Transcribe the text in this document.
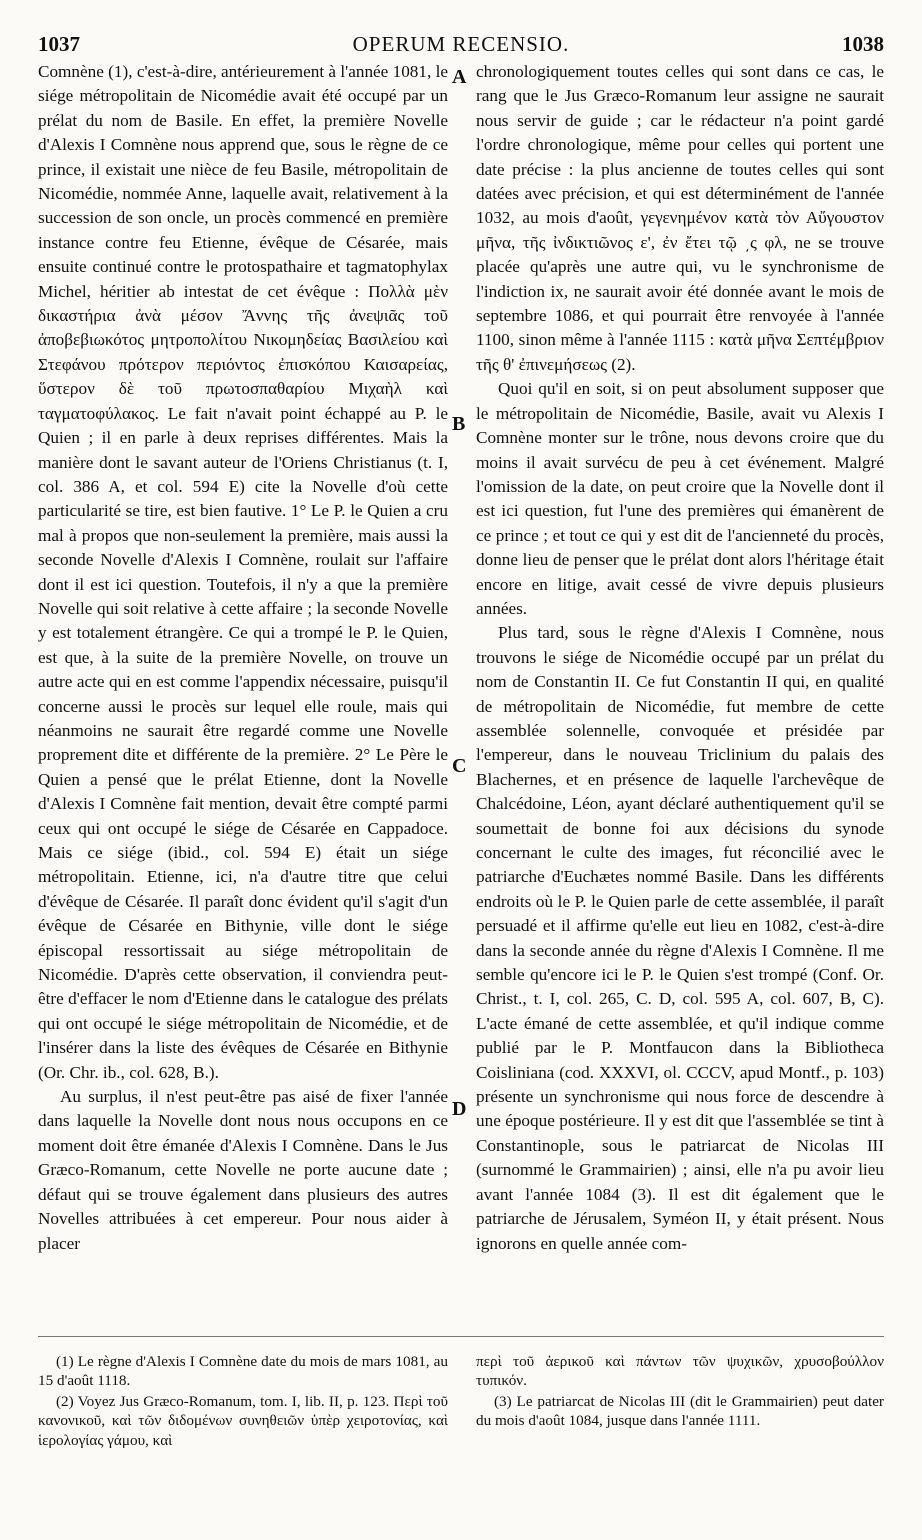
1037	OPERUM RECENSIO.	1038

Comnène (1), c'est-à-dire, antérieurement à l'année 1081, le siége métropolitain de Nicomédie avait été occupé par un prélat du nom de Basile. En effet, la première Novelle d'Alexis I Comnène nous apprend que, sous le règne de ce prince, il existait une nièce de feu Basile, métropolitain de Nicomédie, nommée Anne, laquelle avait, relativement à la succession de son oncle, un procès commencé en première instance contre feu Etienne, évêque de Césarée, mais ensuite continué contre le protospathaire et tagmatophylax Michel, héritier ab intestat de cet évêque : Πολλὰ μὲν δικαστήρια ἀνὰ μέσον Ἄννης τῆς ἀνεψιᾶς τοῦ ἀποβεβιωκότος μητροπολίτου Νικομηδείας Βασιλείου καὶ Στεφάνου πρότερον περιόντος ἐπισκόπου Καισαρείας, ὕστερον δὲ τοῦ πρωτοσπαθαρίου Μιχαὴλ καὶ ταγματοφύλακος. Le fait n'avait point échappé au P. le Quien ; il en parle à deux reprises différentes. Mais la manière dont le savant auteur de l'Oriens Christianus (t. I, col. 386 A, et col. 594 E) cite la Novelle d'où cette particularité se tire, est bien fautive. 1° Le P. le Quien a cru mal à propos que non-seulement la première, mais aussi la seconde Novelle d'Alexis I Comnène, roulait sur l'affaire dont il est ici question. Toutefois, il n'y a que la première Novelle qui soit relative à cette affaire ; la seconde Novelle y est totalement étrangère. Ce qui a trompé le P. le Quien, est que, à la suite de la première Novelle, on trouve un autre acte qui en est comme l'appendix nécessaire, puisqu'il concerne aussi le procès sur lequel elle roule, mais qui néanmoins ne saurait être regardé comme une Novelle proprement dite et différente de la première. 2° Le Père le Quien a pensé que le prélat Etienne, dont la Novelle d'Alexis I Comnène fait mention, devait être compté parmi ceux qui ont occupé le siége de Césarée en Cappadoce. Mais ce siége (ibid., col. 594 E) était un siége métropolitain. Etienne, ici, n'a d'autre titre que celui d'évêque de Césarée. Il paraît donc évident qu'il s'agit d'un évêque de Césarée en Bithynie, ville dont le siége épiscopal ressortissait au siége métropolitain de Nicomédie. D'après cette observation, il conviendra peut-être d'effacer le nom d'Etienne dans le catalogue des prélats qui ont occupé le siége métropolitain de Nicomédie, et de l'insérer dans la liste des évêques de Césarée en Bithynie (Or. Chr. ib., col. 628, B.).

Au surplus, il n'est peut-être pas aisé de fixer l'année dans laquelle la Novelle dont nous nous occupons en ce moment doit être émanée d'Alexis I Comnène. Dans le Jus Græco-Romanum, cette Novelle ne porte aucune date ; défaut qui se trouve également dans plusieurs des autres Novelles attribuées à cet empereur. Pour nous aider à placer

A
B
C
D

chronologiquement toutes celles qui sont dans ce cas, le rang que le Jus Græco-Romanum leur assigne ne saurait nous servir de guide ; car le rédacteur n'a point gardé l'ordre chronologique, même pour celles qui portent une date précise : la plus ancienne de toutes celles qui sont datées avec précision, et qui est déterminément de l'année 1032, au mois d'août, γεγενημένον κατὰ τὸν Αὔγουστον μῆνα, τῆς ἰνδικτιῶνος ε', ἐν ἔτει τῷ ͵ς φλ, ne se trouve placée qu'après une autre qui, vu le synchronisme de l'indiction ix, ne saurait avoir été donnée avant le mois de septembre 1086, et qui pourrait être renvoyée à l'année 1100, sinon même à l'année 1115 : κατὰ μῆνα Σεπτέμβριον τῆς θ' ἐπινεμήσεως (2).

Quoi qu'il en soit, si on peut absolument supposer que le métropolitain de Nicomédie, Basile, avait vu Alexis I Comnène monter sur le trône, nous devons croire que du moins il avait survécu de peu à cet événement. Malgré l'omission de la date, on peut croire que la Novelle dont il est ici question, fut l'une des premières qui émanèrent de ce prince ; et tout ce qui y est dit de l'ancienneté du procès, donne lieu de penser que le prélat dont alors l'héritage était encore en litige, avait cessé de vivre depuis plusieurs années.

Plus tard, sous le règne d'Alexis I Comnène, nous trouvons le siége de Nicomédie occupé par un prélat du nom de Constantin II. Ce fut Constantin II qui, en qualité de métropolitain de Nicomédie, fut membre de cette assemblée solennelle, convoquée et présidée par l'empereur, dans le nouveau Triclinium du palais des Blachernes, et en présence de laquelle l'archevêque de Chalcédoine, Léon, ayant déclaré authentiquement qu'il se soumettait de bonne foi aux décisions du synode concernant le culte des images, fut réconcilié avec le patriarche d'Euchætes nommé Basile. Dans les différents endroits où le P. le Quien parle de cette assemblée, il paraît persuadé et il affirme qu'elle eut lieu en 1082, c'est-à-dire dans la seconde année du règne d'Alexis I Comnène. Il me semble qu'encore ici le P. le Quien s'est trompé (Conf. Or. Christ., t. I, col. 265, C. D, col. 595 A, col. 607, B, C). L'acte émané de cette assemblée, et qu'il indique comme publié par le P. Montfaucon dans la Bibliotheca Coisliniana (cod. XXXVI, ol. CCCV, apud Montf., p. 103) présente un synchronisme qui nous force de descendre à une époque postérieure. Il y est dit que l'assemblée se tint à Constantinople, sous le patriarcat de Nicolas III (surnommé le Grammairien) ; ainsi, elle n'a pu avoir lieu avant l'année 1084 (3). Il est dit également que le patriarche de Jérusalem, Syméon II, y était présent. Nous ignorons en quelle année com-

(1) Le règne d'Alexis I Comnène date du mois de mars 1081, au 15 d'août 1118.

(2) Voyez Jus Græco-Romanum, tom. I, lib. II, p. 123. Περὶ τοῦ κανονικοῦ, καὶ τῶν διδομένων συνηθειῶν ὑπὲρ χειροτονίας, καὶ ἱερολογίας γάμου, καὶ

περὶ τοῦ ἀερικοῦ καὶ πάντων τῶν ψυχικῶν, χρυσοβούλλον τυπικόν.

(3) Le patriarcat de Nicolas III (dit le Grammairien) peut dater du mois d'août 1084, jusque dans l'année 1111.
